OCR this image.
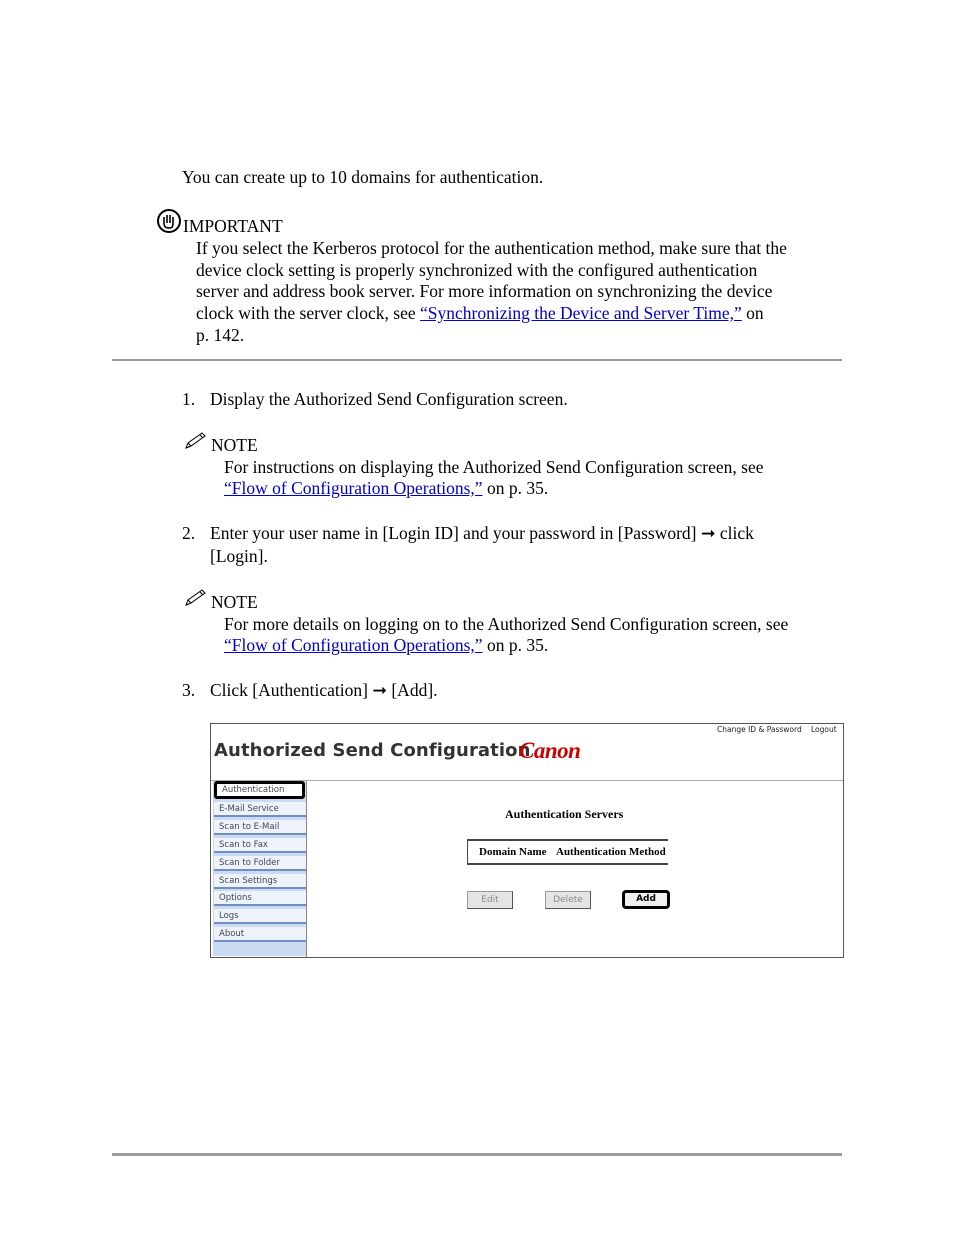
You can create up to 10 domains for authentication.
IMPORTANT
If you select the Kerberos protocol for the authentication method, make sure that the
device clock setting is properly synchronized with the configured authentication
server and address book server. For more information on synchronizing the device
clock with the server clock, see “Synchronizing the Device and Server Time,” on
p. 142.
1. Display the Authorized Send Configuration screen.
NOTE
For instructions on displaying the Authorized Send Configuration screen, see
“Flow of Configuration Operations,” on p. 35.
2. Enter your user name in [Login ID] and your password in [Password] ➞ click
[Login].
NOTE
For more details on logging on to the Authorized Send Configuration screen, see
“Flow of Configuration Operations,” on p. 35.
3. Click [Authentication] ➞ [Add].
Authorized Send Configuration
Canon
Change ID & Password Logout
Authentication
E-Mail Service
Scan to E-Mail
Scan to Fax
Scan to Folder
Scan Settings
Options
Logs
About
Authentication Servers
Domain Name Authentication Method
Edit	Delete	Add
